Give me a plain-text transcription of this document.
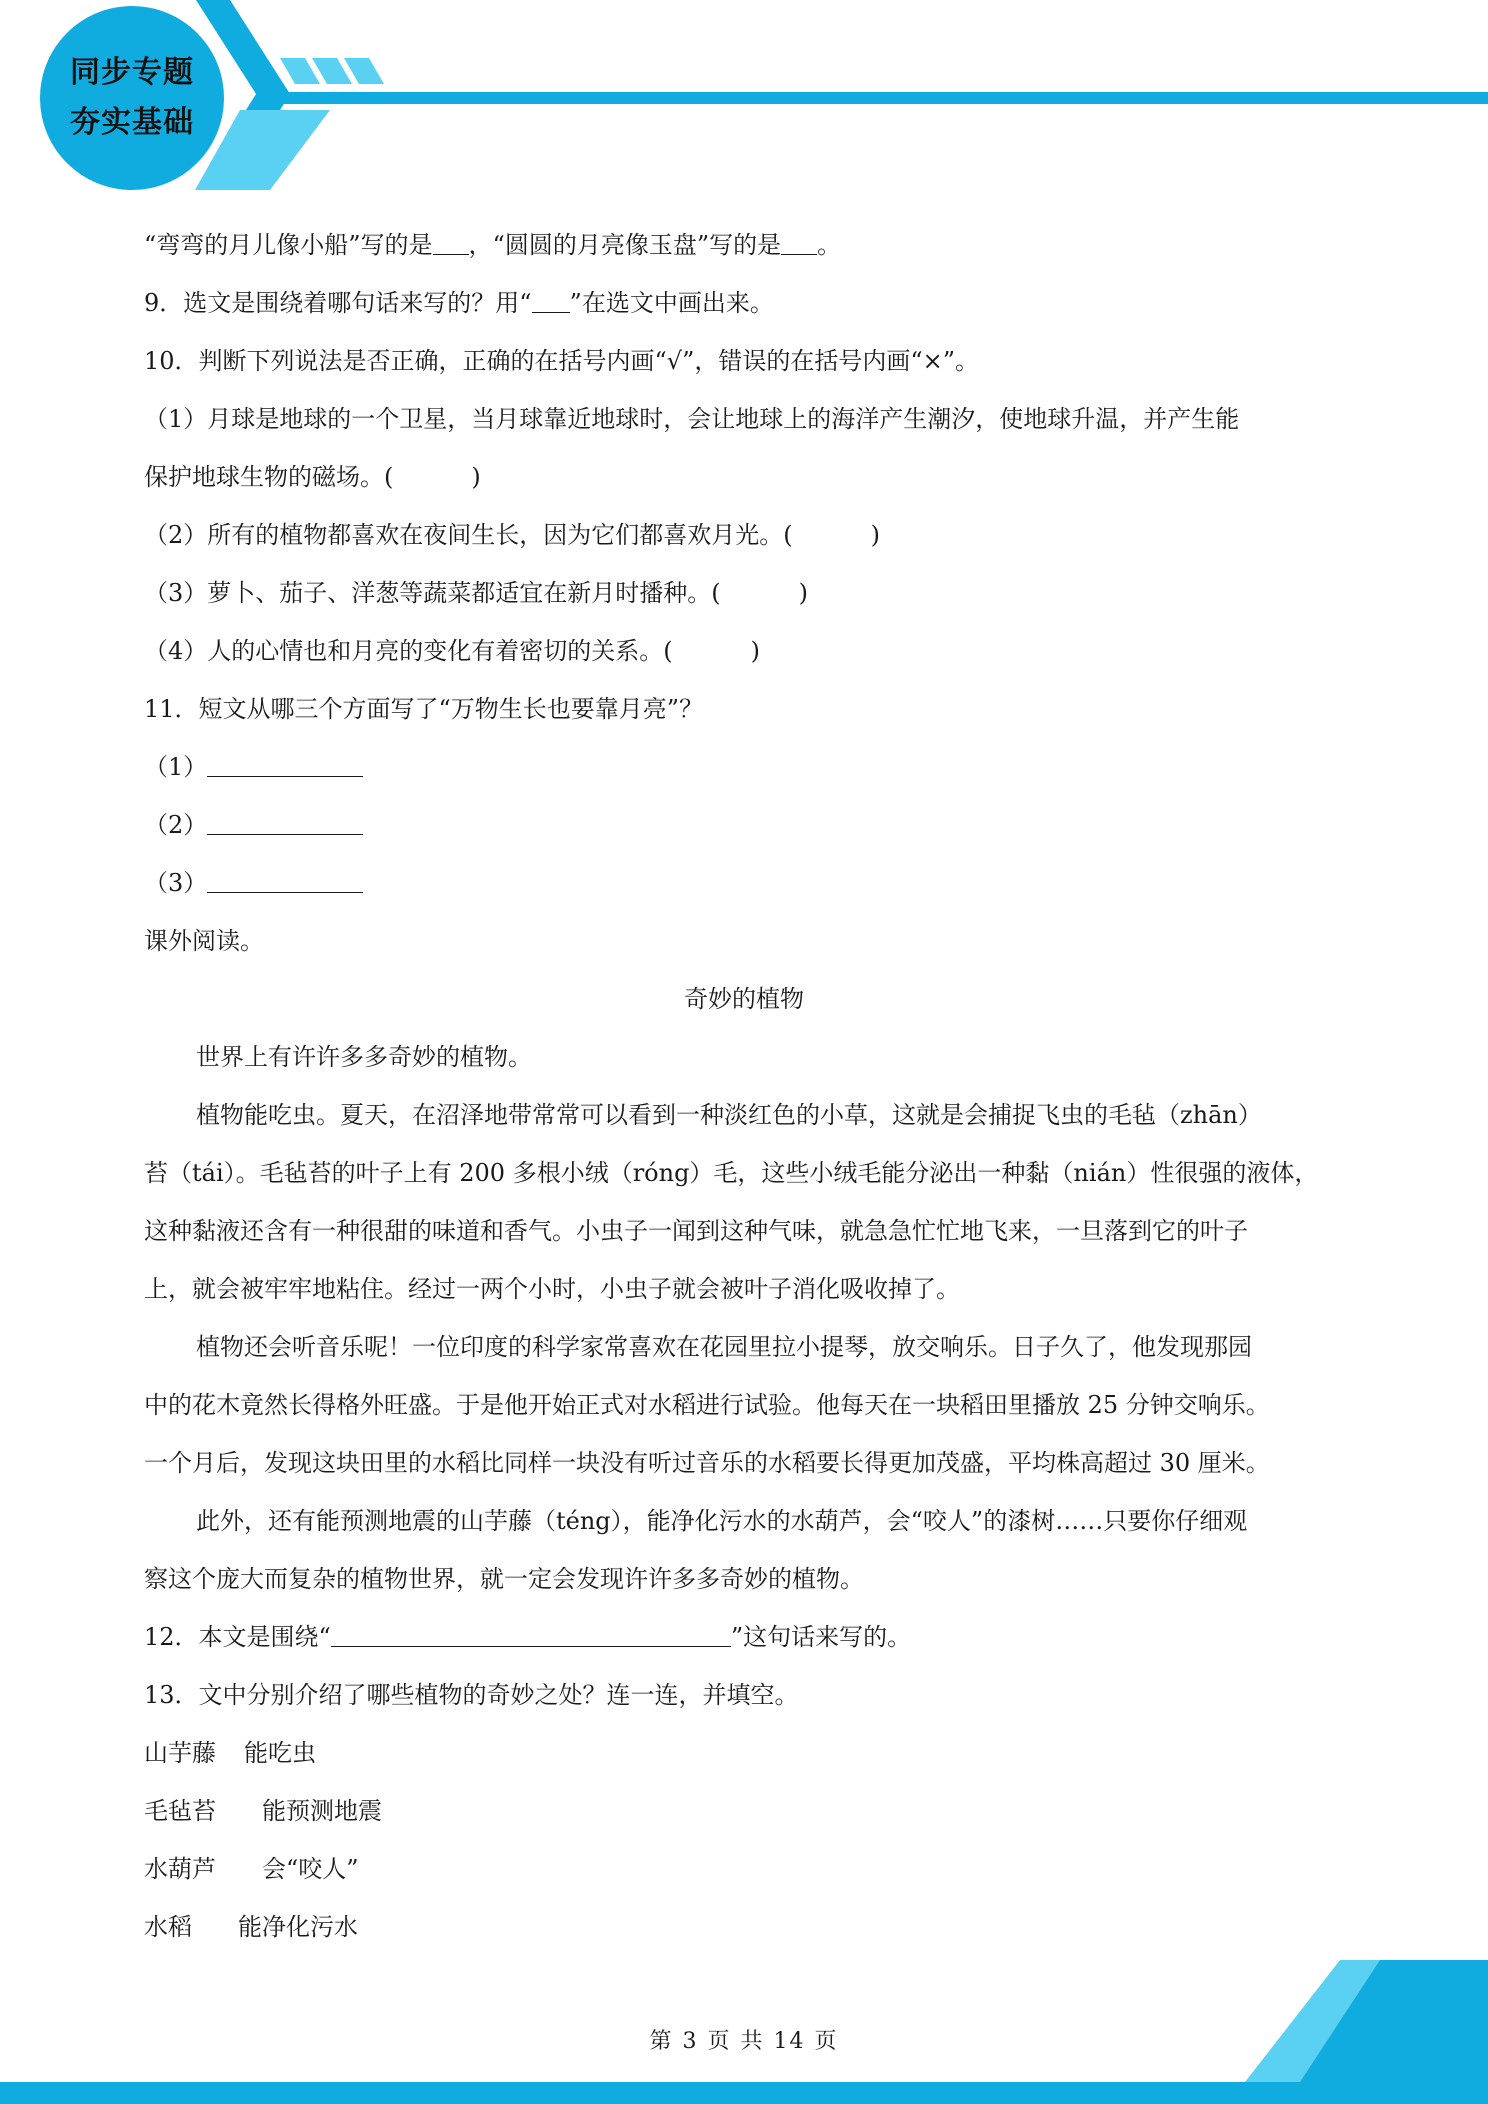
同步专题
夯实基础
“弯弯的月儿像小船”写的是 ，“圆圆的月亮像玉盘”写的是 。
9．选文是围绕着哪句话来写的？用“ ”在选文中画出来。
10．判断下列说法是否正确，正确的在括号内画“√”，错误的在括号内画“×”。
（1）月球是地球的一个卫星，当月球靠近地球时，会让地球上的海洋产生潮汐，使地球升温，并产生能
保护地球生物的磁场。(	)
（2）所有的植物都喜欢在夜间生长，因为它们都喜欢月光。(	)
（3）萝卜、茄子、洋葱等蔬菜都适宜在新月时播种。(	)
（4）人的心情也和月亮的变化有着密切的关系。(	)
11．短文从哪三个方面写了“万物生长也要靠月亮”？
（1）
（2）
（3）
课外阅读。
奇妙的植物
世界上有许许多多奇妙的植物。
植物能吃虫。夏天，在沼泽地带常常可以看到一种淡红色的小草，这就是会捕捉飞虫的毛毡（zhān）
苔（tái）。毛毡苔的叶子上有 200 多根小绒（róng）毛，这些小绒毛能分泌出一种黏（nián）性很强的液体，
这种黏液还含有一种很甜的味道和香气。小虫子一闻到这种气味，就急急忙忙地飞来，一旦落到它的叶子
上，就会被牢牢地粘住。经过一两个小时，小虫子就会被叶子消化吸收掉了。
植物还会听音乐呢！一位印度的科学家常喜欢在花园里拉小提琴，放交响乐。日子久了，他发现那园
中的花木竟然长得格外旺盛。于是他开始正式对水稻进行试验。他每天在一块稻田里播放 25 分钟交响乐。
一个月后，发现这块田里的水稻比同样一块没有听过音乐的水稻要长得更加茂盛，平均株高超过 30 厘米。
此外，还有能预测地震的山芋藤（téng），能净化污水的水葫芦，会“咬人”的漆树……只要你仔细观
察这个庞大而复杂的植物世界，就一定会发现许许多多奇妙的植物。
12．本文是围绕“	”这句话来写的。
13．文中分别介绍了哪些植物的奇妙之处？连一连，并填空。
山芋藤 能吃虫
毛毡苔 能预测地震
水葫芦 会“咬人”
水稻 能净化污水
第 3 页 共 14 页
